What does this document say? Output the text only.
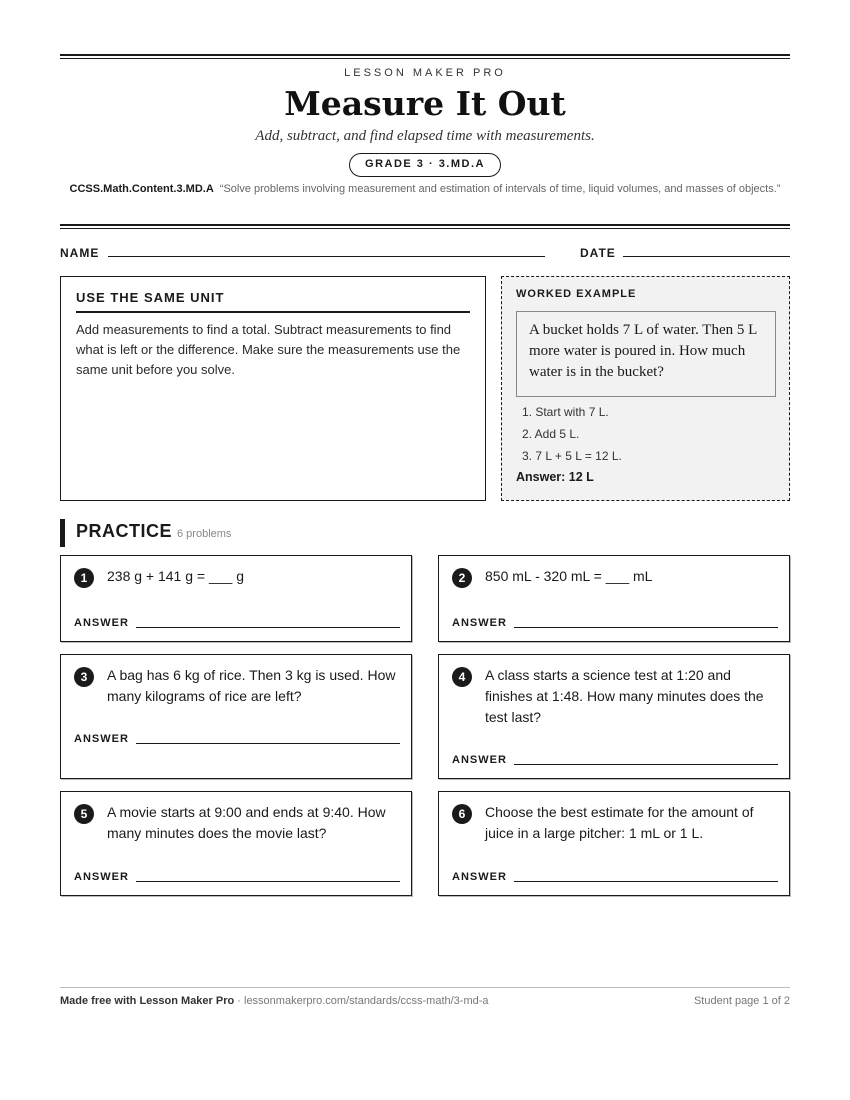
LESSON MAKER PRO
Measure It Out
Add, subtract, and find elapsed time with measurements.
GRADE 3 · 3.MD.A
CCSS.Math.Content.3.MD.A “Solve problems involving measurement and estimation of intervals of time, liquid volumes, and masses of objects.”
NAME	DATE
USE THE SAME UNIT
Add measurements to find a total. Subtract measurements to find what is left or the difference. Make sure the measurements use the same unit before you solve.
WORKED EXAMPLE
A bucket holds 7 L of water. Then 5 L more water is poured in. How much water is in the bucket?
1. Start with 7 L.
2. Add 5 L.
3. 7 L + 5 L = 12 L.
Answer: 12 L
PRACTICE 6 problems
1	238 g + 141 g = ___ g
ANSWER
2	850 mL - 320 mL = ___ mL
ANSWER
3	A bag has 6 kg of rice. Then 3 kg is used. How many kilograms of rice are left?
ANSWER
4	A class starts a science test at 1:20 and finishes at 1:48. How many minutes does the test last?
ANSWER
5	A movie starts at 9:00 and ends at 9:40. How many minutes does the movie last?
ANSWER
6	Choose the best estimate for the amount of juice in a large pitcher: 1 mL or 1 L.
ANSWER
Made free with Lesson Maker Pro · lessonmakerpro.com/standards/ccss-math/3-md-a	Student page 1 of 2
